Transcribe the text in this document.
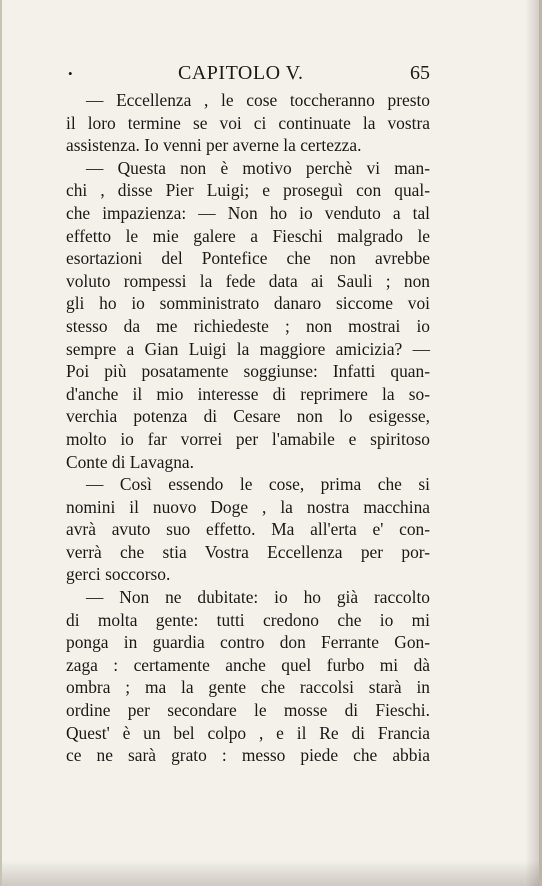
•	CAPITOLO V.	65
— Eccellenza , le cose toccheranno presto
il loro termine se voi ci continuate la vostra
assistenza. Io venni per averne la certezza.
— Questa non è motivo perchè vi man-
chi , disse Pier Luigi; e proseguì con qual-
che impazienza: — Non ho io venduto a tal
effetto le mie galere a Fieschi malgrado le
esortazioni del Pontefice che non avrebbe
voluto rompessi la fede data ai Sauli ; non
gli ho io somministrato danaro siccome voi
stesso da me richiedeste ; non mostrai io
sempre a Gian Luigi la maggiore amicizia? —
Poi più posatamente soggiunse: Infatti quan-
d'anche il mio interesse di reprimere la so-
verchia potenza di Cesare non lo esigesse,
molto io far vorrei per l'amabile e spiritoso
Conte di Lavagna.
— Così essendo le cose, prima che si
nomini il nuovo Doge , la nostra macchina
avrà avuto suo effetto. Ma all'erta e' con-
verrà che stia Vostra Eccellenza per por-
gerci soccorso.
— Non ne dubitate: io ho già raccolto
di molta gente: tutti credono che io mi
ponga in guardia contro don Ferrante Gon-
zaga : certamente anche quel furbo mi dà
ombra ; ma la gente che raccolsi starà in
ordine per secondare le mosse di Fieschi.
Quest' è un bel colpo , e il Re di Francia
ce ne sarà grato : messo piede che abbia
